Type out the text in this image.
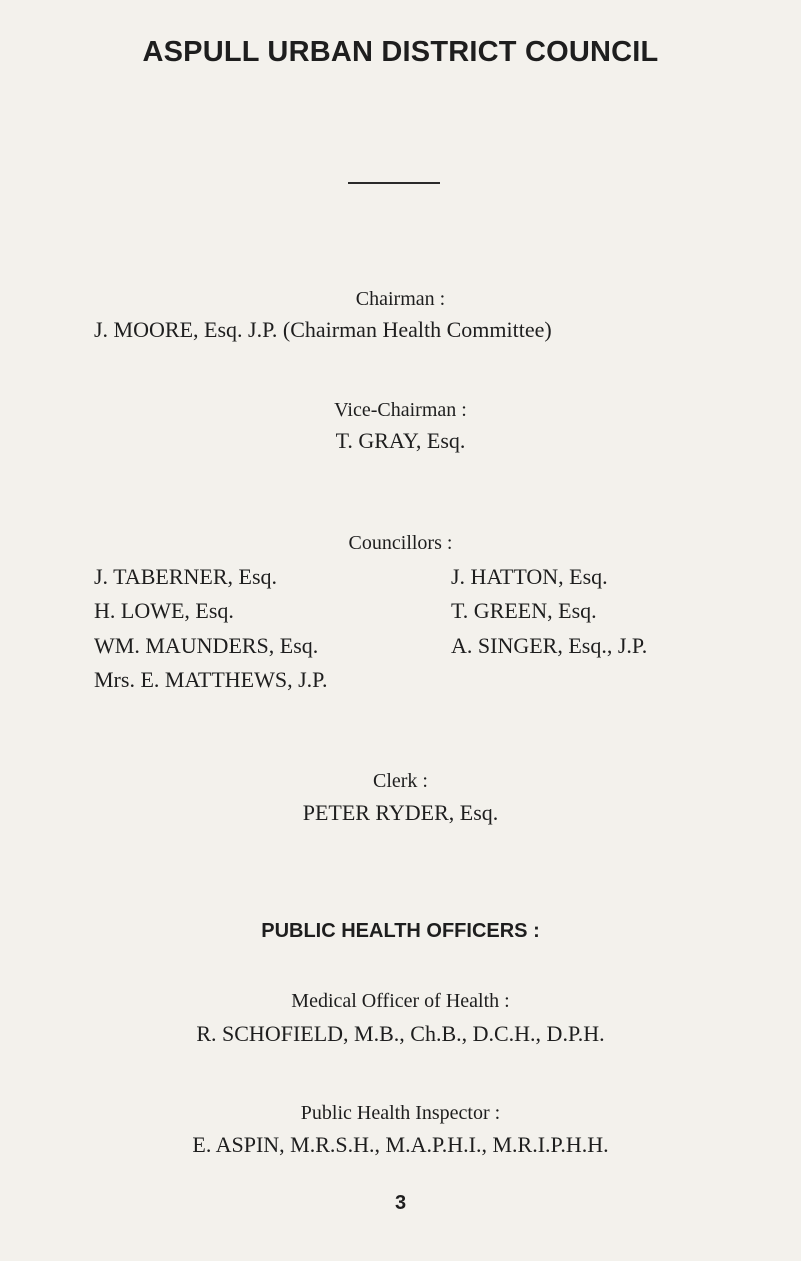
ASPULL URBAN DISTRICT COUNCIL
Chairman :
J. MOORE, Esq. J.P. (Chairman Health Committee)
Vice-Chairman :
T. GRAY, Esq.
Councillors :
J. TABERNER, Esq.
H. LOWE, Esq.
WM. MAUNDERS, Esq.
Mrs. E. MATTHEWS, J.P.
J. HATTON, Esq.
T. GREEN, Esq.
A. SINGER, Esq., J.P.
Clerk :
PETER RYDER, Esq.
PUBLIC HEALTH OFFICERS :
Medical Officer of Health :
R. SCHOFIELD, M.B., Ch.B., D.C.H., D.P.H.
Public Health Inspector :
E. ASPIN, M.R.S.H., M.A.P.H.I., M.R.I.P.H.H.
3
